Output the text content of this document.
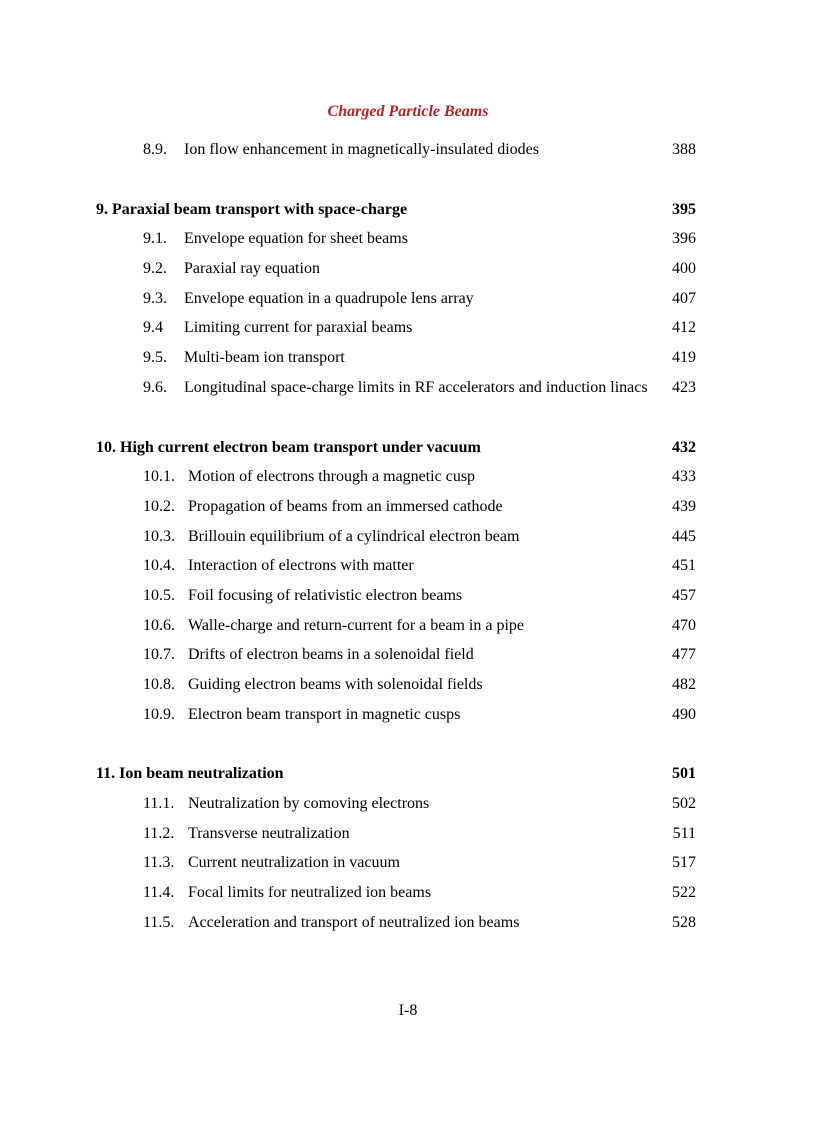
Charged Particle Beams
8.9. Ion flow enhancement in magnetically-insulated diodes	388
9. Paraxial beam transport with space-charge	395
9.1. Envelope equation for sheet beams	396
9.2. Paraxial ray equation	400
9.3. Envelope equation in a quadrupole lens array	407
9.4 Limiting current for paraxial beams	412
9.5. Multi-beam ion transport	419
9.6. Longitudinal space-charge limits in RF accelerators and induction linacs 423
10. High current electron beam transport under vacuum	432
10.1. Motion of electrons through a magnetic cusp	433
10.2. Propagation of beams from an immersed cathode	439
10.3. Brillouin equilibrium of a cylindrical electron beam	445
10.4. Interaction of electrons with matter	451
10.5. Foil focusing of relativistic electron beams	457
10.6. Walle-charge and return-current for a beam in a pipe	470
10.7. Drifts of electron beams in a solenoidal field	477
10.8. Guiding electron beams with solenoidal fields	482
10.9. Electron beam transport in magnetic cusps	490
11. Ion beam neutralization	501
11.1. Neutralization by comoving electrons	502
11.2. Transverse neutralization	511
11.3. Current neutralization in vacuum	517
11.4. Focal limits for neutralized ion beams	522
11.5. Acceleration and transport of neutralized ion beams	528
I-8
